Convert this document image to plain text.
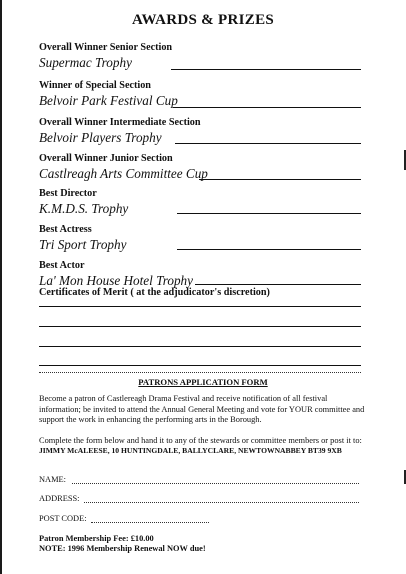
AWARDS & PRIZES
Overall Winner Senior Section
Supermac Trophy
Winner of Special Section
Belvoir Park Festival Cup
Overall Winner Intermediate Section
Belvoir Players Trophy
Overall Winner Junior Section
Castlreagh Arts Committee Cup
Best Director
K.M.D.S. Trophy
Best Actress
Tri Sport Trophy
Best Actor
La' Mon House Hotel Trophy
Certificates of Merit ( at the adjudicator's discretion)
PATRONS APPLICATION FORM
Become a patron of Castlereagh Drama Festival and receive notification of all festival information; be invited to attend the Annual General Meeting and vote for YOUR committee and support the work in enhancing the performing arts in the Borough.
Complete the form below and hand it to any of the stewards or committee members or post it to:
JIMMY McALEESE, 10 HUNTINGDALE, BALLYCLARE, NEWTOWNABBEY BT39 9XB
NAME:
ADDRESS:
POST CODE:
Patron Membership Fee: £10.00
NOTE: 1996 Membership Renewal NOW due!
